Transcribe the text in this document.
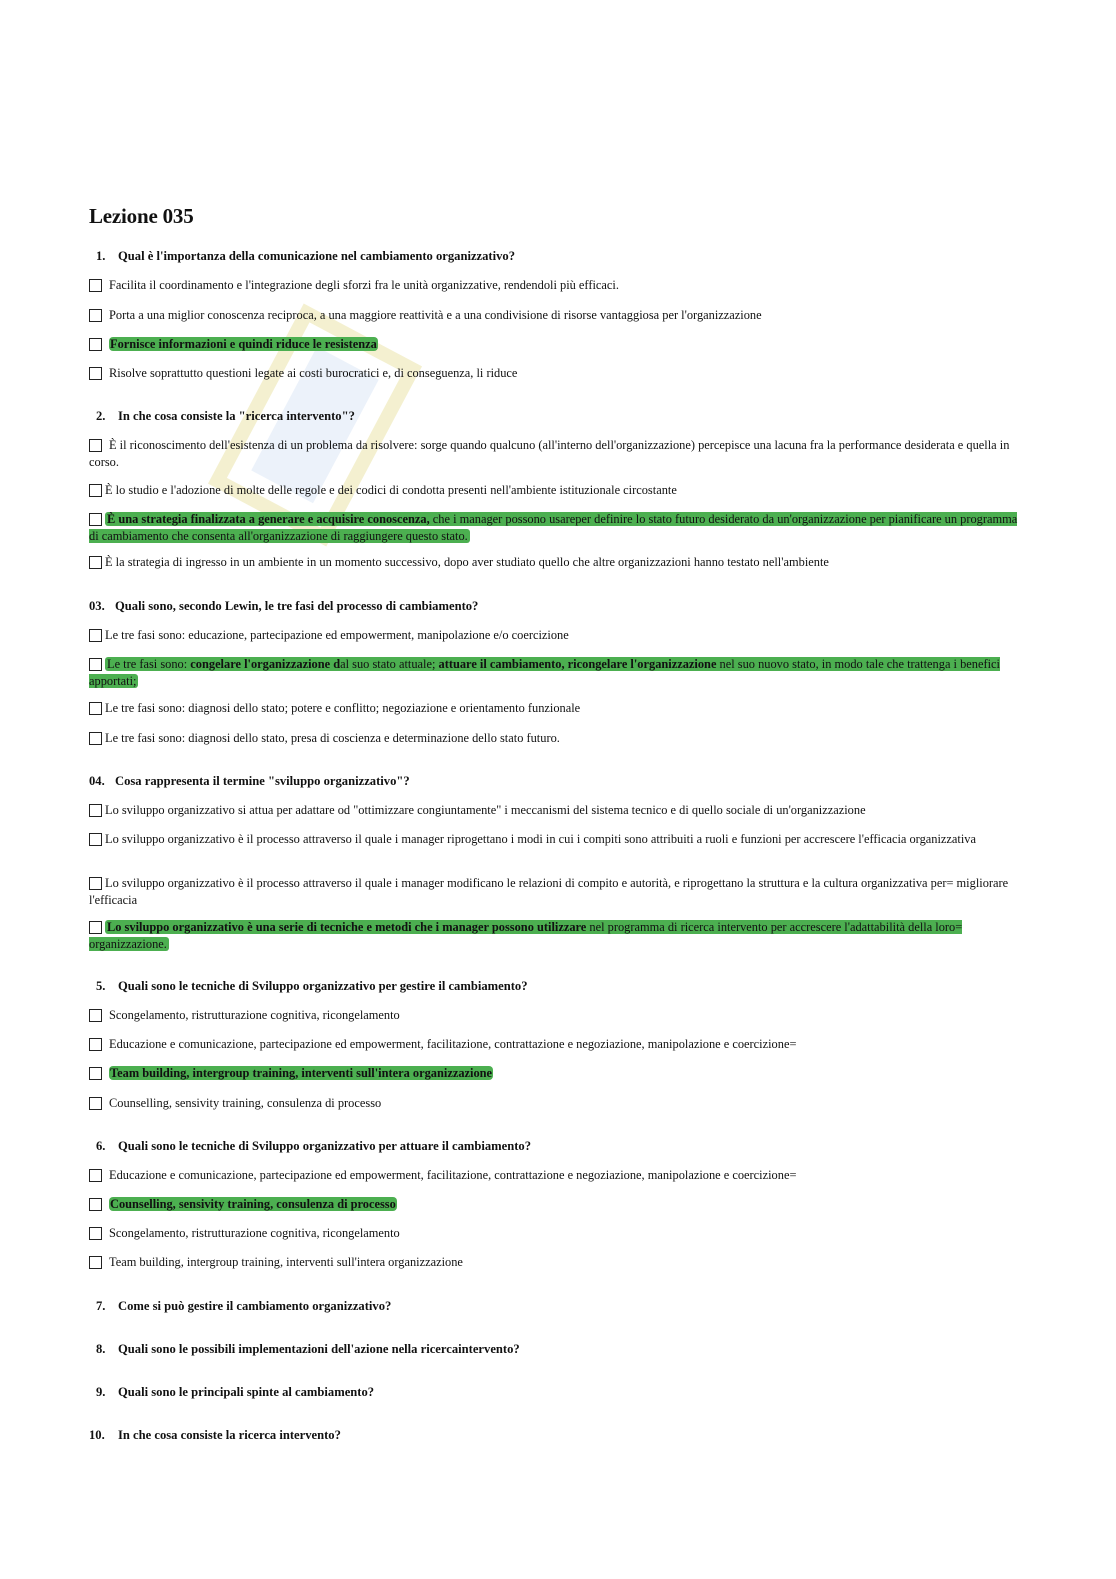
Lezione 035
1. Qual è l'importanza della comunicazione nel cambiamento organizzativo?
Facilita il coordinamento e l'integrazione degli sforzi fra le unità organizzative, rendendoli più efficaci.
Porta a una miglior conoscenza reciproca, a una maggiore reattività e a una condivisione di risorse vantaggiosa per l'organizzazione
Fornisce informazioni e quindi riduce le resistenza
Risolve soprattutto questioni legate ai costi burocratici e, di conseguenza, li riduce
2. In che cosa consiste la "ricerca intervento"?
È il riconoscimento dell'esistenza di un problema da risolvere: sorge quando qualcuno (all'interno dell'organizzazione) percepisce una lacuna fra la performance desiderata e quella in corso.
È lo studio e l'adozione di molte delle regole e dei codici di condotta presenti nell'ambiente istituzionale circostante
È una strategia finalizzata a generare e acquisire conoscenza, che i manager possono usareper definire lo stato futuro desiderato da un'organizzazione per pianificare un programma di cambiamento che consenta all'organizzazione di raggiungere questo stato.
È la strategia di ingresso in un ambiente in un momento successivo, dopo aver studiato quello che altre organizzazioni hanno testato nell'ambiente
03. Quali sono, secondo Lewin, le tre fasi del processo di cambiamento?
Le tre fasi sono: educazione, partecipazione ed empowerment, manipolazione e/o coercizione
Le tre fasi sono: congelare l'organizzazione dal suo stato attuale; attuare il cambiamento, ricongelare l'organizzazione nel suo nuovo stato, in modo tale che trattenga i benefici apportati;
Le tre fasi sono: diagnosi dello stato; potere e conflitto; negoziazione e orientamento funzionale
Le tre fasi sono: diagnosi dello stato, presa di coscienza e determinazione dello stato futuro.
04. Cosa rappresenta il termine "sviluppo organizzativo"?
Lo sviluppo organizzativo si attua per adattare od "ottimizzare congiuntamente" i meccanismi del sistema tecnico e di quello sociale di un'organizzazione
Lo sviluppo organizzativo è il processo attraverso il quale i manager riprogettano i modi in cui i compiti sono attribuiti a ruoli e funzioni per accrescere l'efficacia organizzativa
Lo sviluppo organizzativo è il processo attraverso il quale i manager modificano le relazioni di compito e autorità, e riprogettano la struttura e la cultura organizzativa per= migliorare l'efficacia
Lo sviluppo organizzativo è una serie di tecniche e metodi che i manager possono utilizzare nel programma di ricerca intervento per accrescere l'adattabilità della loro= organizzazione.
5. Quali sono le tecniche di Sviluppo organizzativo per gestire il cambiamento?
Scongelamento, ristrutturazione cognitiva, ricongelamento
Educazione e comunicazione, partecipazione ed empowerment, facilitazione, contrattazione e negoziazione, manipolazione e coercizione=
Team building, intergroup training, interventi sull'intera organizzazione
Counselling, sensivity training, consulenza di processo
6. Quali sono le tecniche di Sviluppo organizzativo per attuare il cambiamento?
Educazione e comunicazione, partecipazione ed empowerment, facilitazione, contrattazione e negoziazione, manipolazione e coercizione=
Counselling, sensivity training, consulenza di processo
Scongelamento, ristrutturazione cognitiva, ricongelamento
Team building, intergroup training, interventi sull'intera organizzazione
7. Come si può gestire il cambiamento organizzativo?
8. Quali sono le possibili implementazioni dell'azione nella ricercaintervento?
9. Quali sono le principali spinte al cambiamento?
10. In che cosa consiste la ricerca intervento?
